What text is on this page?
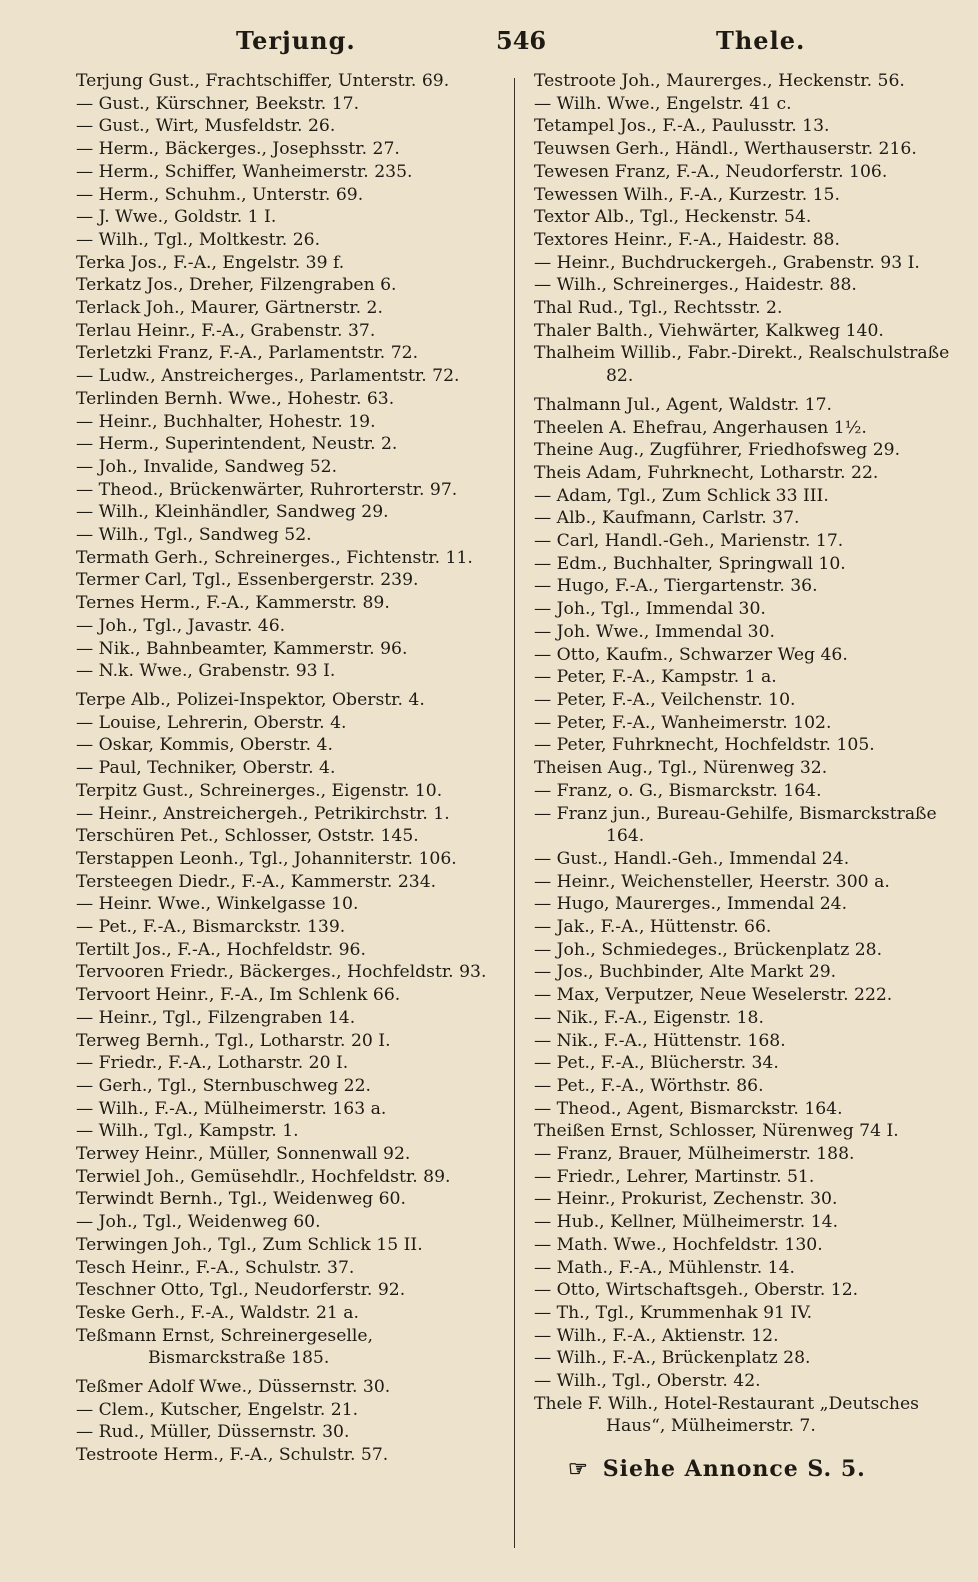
Terjung.	546	Thele.
Terjung Gust., Frachtschiffer, Unterstr. 69.
— Gust., Kürschner, Beekstr. 17.
— Gust., Wirt, Musfeldstr. 26.
— Herm., Bäckerges., Josephsstr. 27.
— Herm., Schiffer, Wanheimerstr. 235.
— Herm., Schuhm., Unterstr. 69.
— J. Wwe., Goldstr. 1 I.
— Wilh., Tgl., Moltkestr. 26.
Terka Jos., F.-A., Engelstr. 39 f.
Terkatz Jos., Dreher, Filzengraben 6.
Terlack Joh., Maurer, Gärtnerstr. 2.
Terlau Heinr., F.-A., Grabenstr. 37.
Terletzki Franz, F.-A., Parlamentstr. 72.
— Ludw., Anstreicherges., Parlamentstr. 72.
Terlinden Bernh. Wwe., Hohestr. 63.
— Heinr., Buchhalter, Hohestr. 19.
— Herm., Superintendent, Neustr. 2.
— Joh., Invalide, Sandweg 52.
— Theod., Brückenwärter, Ruhrorterstr. 97.
— Wilh., Kleinhändler, Sandweg 29.
— Wilh., Tgl., Sandweg 52.
Termath Gerh., Schreinerges., Fichtenstr. 11.
Termer Carl, Tgl., Essenbergerstr. 239.
Ternes Herm., F.-A., Kammerstr. 89.
— Joh., Tgl., Javastr. 46.
— Nik., Bahnbeamter, Kammerstr. 96.
— N.k. Wwe., Grabenstr. 93 I.
Terpe Alb., Polizei-Inspektor, Oberstr. 4.
— Louise, Lehrerin, Oberstr. 4.
— Oskar, Kommis, Oberstr. 4.
— Paul, Techniker, Oberstr. 4.
Terpitz Gust., Schreinerges., Eigenstr. 10.
— Heinr., Anstreichergeh., Petrikirchstr. 1.
Terschüren Pet., Schlosser, Oststr. 145.
Terstappen Leonh., Tgl., Johanniterstr. 106.
Tersteegen Diedr., F.-A., Kammerstr. 234.
— Heinr. Wwe., Winkelgasse 10.
— Pet., F.-A., Bismarckstr. 139.
Tertilt Jos., F.-A., Hochfeldstr. 96.
Tervooren Friedr., Bäckerges., Hochfeldstr. 93.
Tervoort Heinr., F.-A., Im Schlenk 66.
— Heinr., Tgl., Filzengraben 14.
Terweg Bernh., Tgl., Lotharstr. 20 I.
— Friedr., F.-A., Lotharstr. 20 I.
— Gerh., Tgl., Sternbuschweg 22.
— Wilh., F.-A., Mülheimerstr. 163 a.
— Wilh., Tgl., Kampstr. 1.
Terwey Heinr., Müller, Sonnenwall 92.
Terwiel Joh., Gemüsehdlr., Hochfeldstr. 89.
Terwindt Bernh., Tgl., Weidenweg 60.
— Joh., Tgl., Weidenweg 60.
Terwingen Joh., Tgl., Zum Schlick 15 II.
Tesch Heinr., F.-A., Schulstr. 37.
Teschner Otto, Tgl., Neudorferstr. 92.
Teske Gerh., F.-A., Waldstr. 21 a.
Teßmann Ernst, Schreinergeselle, Bismarckstraße 185.
Teßmer Adolf Wwe., Düssernstr. 30.
— Clem., Kutscher, Engelstr. 21.
— Rud., Müller, Düssernstr. 30.
Testroote Herm., F.-A., Schulstr. 57.
Testroote Joh., Maurerges., Heckenstr. 56.
— Wilh. Wwe., Engelstr. 41 c.
Tetampel Jos., F.-A., Paulusstr. 13.
Teuwsen Gerh., Händl., Werthauserstr. 216.
Tewesen Franz, F.-A., Neudorferstr. 106.
Tewessen Wilh., F.-A., Kurzestr. 15.
Textor Alb., Tgl., Heckenstr. 54.
Textores Heinr., F.-A., Haidestr. 88.
— Heinr., Buchdruckergeh., Grabenstr. 93 I.
— Wilh., Schreinerges., Haidestr. 88.
Thal Rud., Tgl., Rechtsstr. 2.
Thaler Balth., Viehwärter, Kalkweg 140.
Thalheim Willib., Fabr.-Direkt., Realschulstraße 82.
Thalmann Jul., Agent, Waldstr. 17.
Theelen A. Ehefrau, Angerhausen 1½.
Theine Aug., Zugführer, Friedhofsweg 29.
Theis Adam, Fuhrknecht, Lotharstr. 22.
— Adam, Tgl., Zum Schlick 33 III.
— Alb., Kaufmann, Carlstr. 37.
— Carl, Handl.-Geh., Marienstr. 17.
— Edm., Buchhalter, Springwall 10.
— Hugo, F.-A., Tiergartenstr. 36.
— Joh., Tgl., Immendal 30.
— Joh. Wwe., Immendal 30.
— Otto, Kaufm., Schwarzer Weg 46.
— Peter, F.-A., Kampstr. 1 a.
— Peter, F.-A., Veilchenstr. 10.
— Peter, F.-A., Wanheimerstr. 102.
— Peter, Fuhrknecht, Hochfeldstr. 105.
Theisen Aug., Tgl., Nürenweg 32.
— Franz, o. G., Bismarckstr. 164.
— Franz jun., Bureau-Gehilfe, Bismarckstraße 164.
— Gust., Handl.-Geh., Immendal 24.
— Heinr., Weichensteller, Heerstr. 300 a.
— Hugo, Maurerges., Immendal 24.
— Jak., F.-A., Hüttenstr. 66.
— Joh., Schmiedeges., Brückenplatz 28.
— Jos., Buchbinder, Alte Markt 29.
— Max, Verputzer, Neue Weselerstr. 222.
— Nik., F.-A., Eigenstr. 18.
— Nik., F.-A., Hüttenstr. 168.
— Pet., F.-A., Blücherstr. 34.
— Pet., F.-A., Wörthstr. 86.
— Theod., Agent, Bismarckstr. 164.
Theißen Ernst, Schlosser, Nürenweg 74 I.
— Franz, Brauer, Mülheimerstr. 188.
— Friedr., Lehrer, Martinstr. 51.
— Heinr., Prokurist, Zechenstr. 30.
— Hub., Kellner, Mülheimerstr. 14.
— Math. Wwe., Hochfeldstr. 130.
— Math., F.-A., Mühlenstr. 14.
— Otto, Wirtschaftsgeh., Oberstr. 12.
— Th., Tgl., Krummenhak 91 IV.
— Wilh., F.-A., Aktienstr. 12.
— Wilh., F.-A., Brückenplatz 28.
— Wilh., Tgl., Oberstr. 42.
Thele F. Wilh., Hotel-Restaurant „Deutsches Haus“, Mülheimerstr. 7.
☞ Siehe Annonce S. 5.
